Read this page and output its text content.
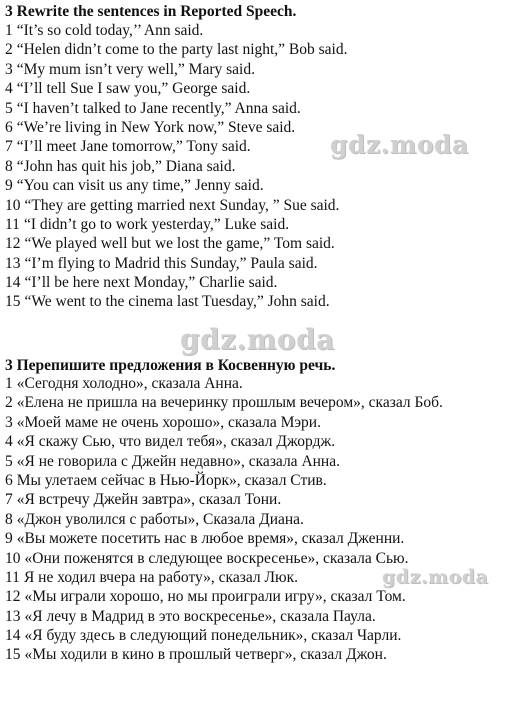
3 Rewrite the sentences in Reported Speech.
1 “It’s so cold today,’’ Ann said.
2 “Helen didn’t come to the party last night,” Bob said.
3 “My mum isn’t very well,” Mary said.
4 “I’ll tell Sue I saw you,” George said.
5 “I haven’t talked to Jane recently,” Anna said.
6 “We’re living in New York now,” Steve said.
7 “I’ll meet Jane tomorrow,” Tony said.
8 “John has quit his job,” Diana said.
9 “You can visit us any time,” Jenny said.
10 “They are getting married next Sunday, ” Sue said.
11 “I didn’t go to work yesterday,” Luke said.
12 “We played well but we lost the game,” Tom said.
13 “I’m flying to Madrid this Sunday,” Paula said.
14 “I’ll be here next Monday,” Charlie said.
15 “We went to the cinema last Tuesday,” John said.
gdz.moda
gdz.moda
3 Перепишите предложения в Косвенную речь.
1 «Сегодня холодно», сказала Анна.
2 «Елена не пришла на вечеринку прошлым вечером», сказал Боб.
3 «Моей маме не очень хорошо», сказала Мэри.
4 «Я скажу Сью, что видел тебя», сказал Джордж.
5 «Я не говорила с Джейн недавно», сказала Анна.
6 Мы улетаем сейчас в Нью-Йорк», сказал Стив.
7 «Я встречу Джейн завтра», сказал Тони.
8 «Джон уволился с работы», Сказала Диана.
9 «Вы можете посетить нас в любое время», сказал Дженни.
10 «Они поженятся в следующее воскресенье», сказала Сью.
11 Я не ходил вчера на работу», сказал Люк.
12 «Мы играли хорошо, но мы проиграли игру», сказал Том.
13 «Я лечу в Мадрид в это воскресенье», сказала Паула.
14 «Я буду здесь в следующий понедельник», сказал Чарли.
15 «Мы ходили в кино в прошлый четверг», сказал Джон.
gdz.moda
